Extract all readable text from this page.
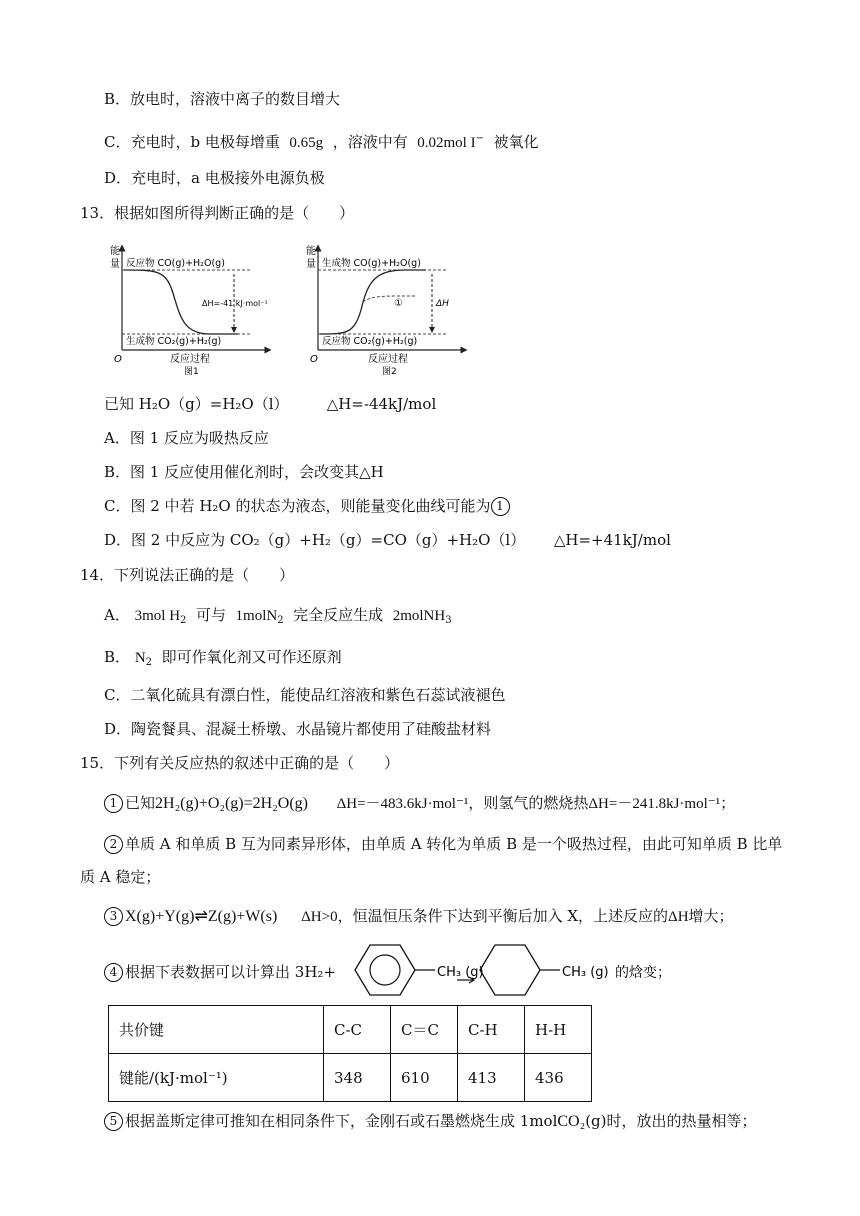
B．放电时，溶液中离子的数目增大
C．充电时，b 电极每增重 0.65g ，溶液中有 0.02mol I− 被氧化
D．充电时，a 电极接外电源负极
13．根据如图所得判断正确的是（　　）
能
量 反应物 CO(g)+H₂O(g)
ΔH=-41 kJ·mol⁻¹
生成物 CO₂(g)+H₂(g)
O	反应过程
图1
能
量 生成物 CO(g)+H₂O(g)
①	ΔH
反应物 CO₂(g)+H₂(g)
O	反应过程
图2
已知 H₂O（g）=H₂O（l）	△H=-44kJ/mol
A．图 1 反应为吸热反应
B．图 1 反应使用催化剂时，会改变其△H
C．图 2 中若 H₂O 的状态为液态，则能量变化曲线可能为 1
D．图 2 中反应为 CO₂（g）+H₂（g）=CO（g）+H₂O（l） △H=+41kJ/mol
14．下列说法正确的是（　　）
A． 3mol $H_2$ 可与 1molN$_2$ 完全反应生成 2molNH$_3$
B． $N_2$ 即可作氧化剂又可作还原剂
C．二氧化硫具有漂白性，能使品红溶液和紫色石蕊试液褪色
D．陶瓷餐具、混凝土桥墩、水晶镜片都使用了硅酸盐材料
15．下列有关反应热的叙述中正确的是（　　）
1 已知2H₂(g)+O₂(g)=2H₂O(g) ΔH=－483.6kJ·mol⁻¹，则氢气的燃烧热ΔH=－241.8kJ·mol⁻¹；
2 单质 A 和单质 B 互为同素异形体，由单质 A 转化为单质 B 是一个吸热过程，由此可知单质 B 比单
质 A 稳定；
3 X(g)+Y(g)⇌Z(g)+W(s) ΔH>0，恒温恒压条件下达到平衡后加入 X，上述反应的ΔH增大；
4 根据下表数据可以计算出 3H₂+	CH₃ (g)	CH₃ (g) 的焓变；
共价键	C-C	C＝C	C-H	H-H
键能/(kJ·mol⁻¹)	348	610	413	436
5 根据盖斯定律可推知在相同条件下，金刚石或石墨燃烧生成 1molCO₂(g)时，放出的热量相等；
